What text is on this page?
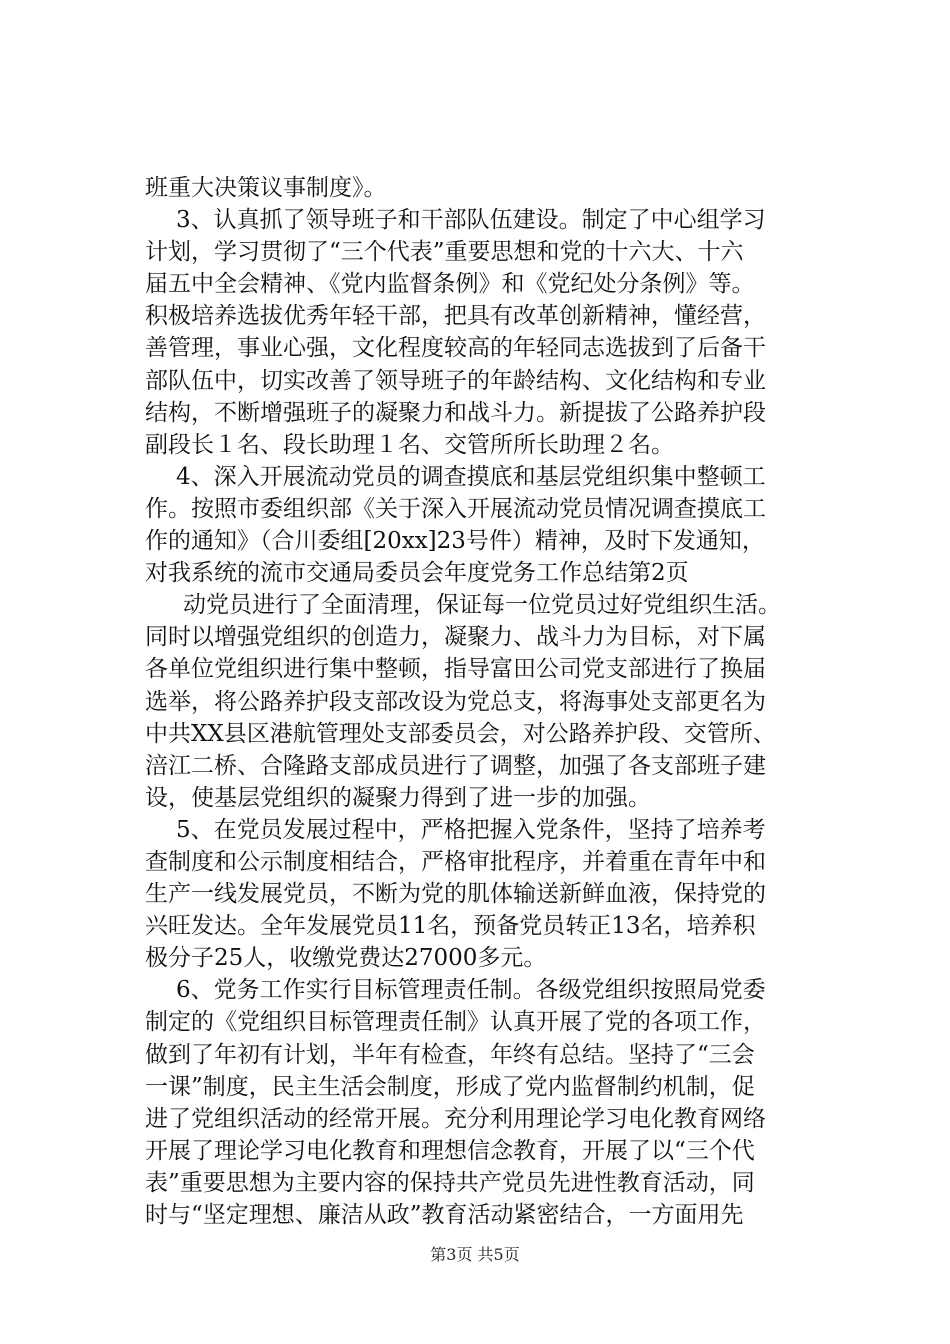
班重大决策议事制度》。
3、认真抓了领导班子和干部队伍建设。制定了中心组学习
计划，学习贯彻了“三个代表”重要思想和党的十六大、十六
届五中全会精神、《党内监督条例》和《党纪处分条例》等。
积极培养选拔优秀年轻干部，把具有改革创新精神，懂经营，
善管理，事业心强，文化程度较高的年轻同志选拔到了后备干
部队伍中，切实改善了领导班子的年龄结构、文化结构和专业
结构，不断增强班子的凝聚力和战斗力。新提拔了公路养护段
副段长１名、段长助理１名、交管所所长助理２名。
4、深入开展流动党员的调查摸底和基层党组织集中整顿工
作。按照市委组织部《关于深入开展流动党员情况调查摸底工
作的通知》（合川委组[20xx]23号件）精神，及时下发通知，
对我系统的流市交通局委员会年度党务工作总结第2页
动党员进行了全面清理，保证每一位党员过好党组织生活。
同时以增强党组织的创造力，凝聚力、战斗力为目标，对下属
各单位党组织进行集中整顿，指导富田公司党支部进行了换届
选举，将公路养护段支部改设为党总支，将海事处支部更名为
中共XX县区港航管理处支部委员会，对公路养护段、交管所、
涪江二桥、合隆路支部成员进行了调整，加强了各支部班子建
设，使基层党组织的凝聚力得到了进一步的加强。
5、在党员发展过程中，严格把握入党条件，坚持了培养考
查制度和公示制度相结合，严格审批程序，并着重在青年中和
生产一线发展党员，不断为党的肌体输送新鲜血液，保持党的
兴旺发达。全年发展党员11名，预备党员转正13名，培养积
极分子25人，收缴党费达27000多元。
6、党务工作实行目标管理责任制。各级党组织按照局党委
制定的《党组织目标管理责任制》认真开展了党的各项工作，
做到了年初有计划，半年有检查，年终有总结。坚持了“三会
一课”制度，民主生活会制度，形成了党内监督制约机制，促
进了党组织活动的经常开展。充分利用理论学习电化教育网络
开展了理论学习电化教育和理想信念教育，开展了以“三个代
表”重要思想为主要内容的保持共产党员先进性教育活动，同
时与“坚定理想、廉洁从政”教育活动紧密结合，一方面用先
第3页 共5页
